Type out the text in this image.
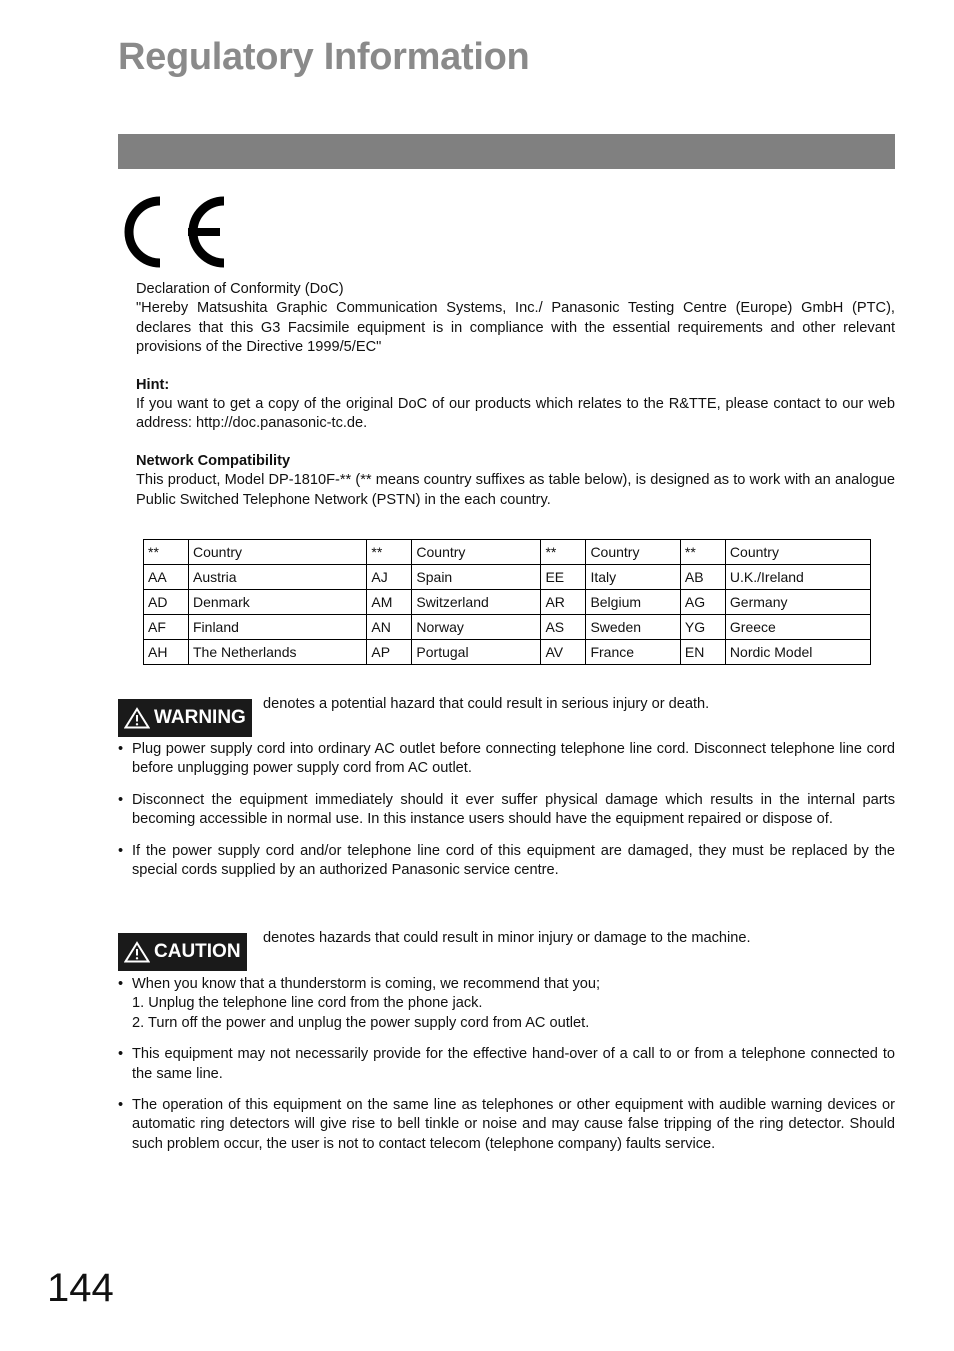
Regulatory Information

Declaration of Conformity (DoC)

"Hereby Matsushita Graphic Communication Systems, Inc./ Panasonic Testing Centre (Europe) GmbH (PTC), declares that this G3 Facsimile equipment is in compliance with the essential requirements and other relevant provisions of the Directive 1999/5/EC"

Hint:

If you want to get a copy of the original DoC of our products which relates to the R&TTE, please contact to our web address: http://doc.panasonic-tc.de.

Network Compatibility

This product, Model DP-1810F-** (** means country suffixes as table below), is designed as to work with an analogue Public Switched Telephone Network (PSTN) in the each country.

**	Country	**	Country	**	Country	**	Country
AA	Austria	AJ	Spain	EE	Italy	AB	U.K./Ireland
AD	Denmark	AM	Switzerland	AR	Belgium	AG	Germany
AF	Finland	AN	Norway	AS	Sweden	YG	Greece
AH	The Netherlands	AP	Portugal	AV	France	EN	Nordic Model
WARNING
denotes a potential hazard that could result in serious injury or death.
• Plug power supply cord into ordinary AC outlet before connecting telephone line cord. Disconnect telephone line cord before unplugging power supply cord from AC outlet.
• Disconnect the equipment immediately should it ever suffer physical damage which results in the internal parts becoming accessible in normal use. In this instance users should have the equipment repaired or dispose of.
• If the power supply cord and/or telephone line cord of this equipment are damaged, they must be replaced by the special cords supplied by an authorized Panasonic service centre.
CAUTION
denotes hazards that could result in minor injury or damage to the machine.
• When you know that a thunderstorm is coming, we recommend that you;
1. Unplug the telephone line cord from the phone jack.
2. Turn off the power and unplug the power supply cord from AC outlet.
• This equipment may not necessarily provide for the effective hand-over of a call to or from a telephone connected to the same line.
• The operation of this equipment on the same line as telephones or other equipment with audible warning devices or automatic ring detectors will give rise to bell tinkle or noise and may cause false tripping of the ring detector. Should such problem occur, the user is not to contact telecom (telephone company) faults service.
144
